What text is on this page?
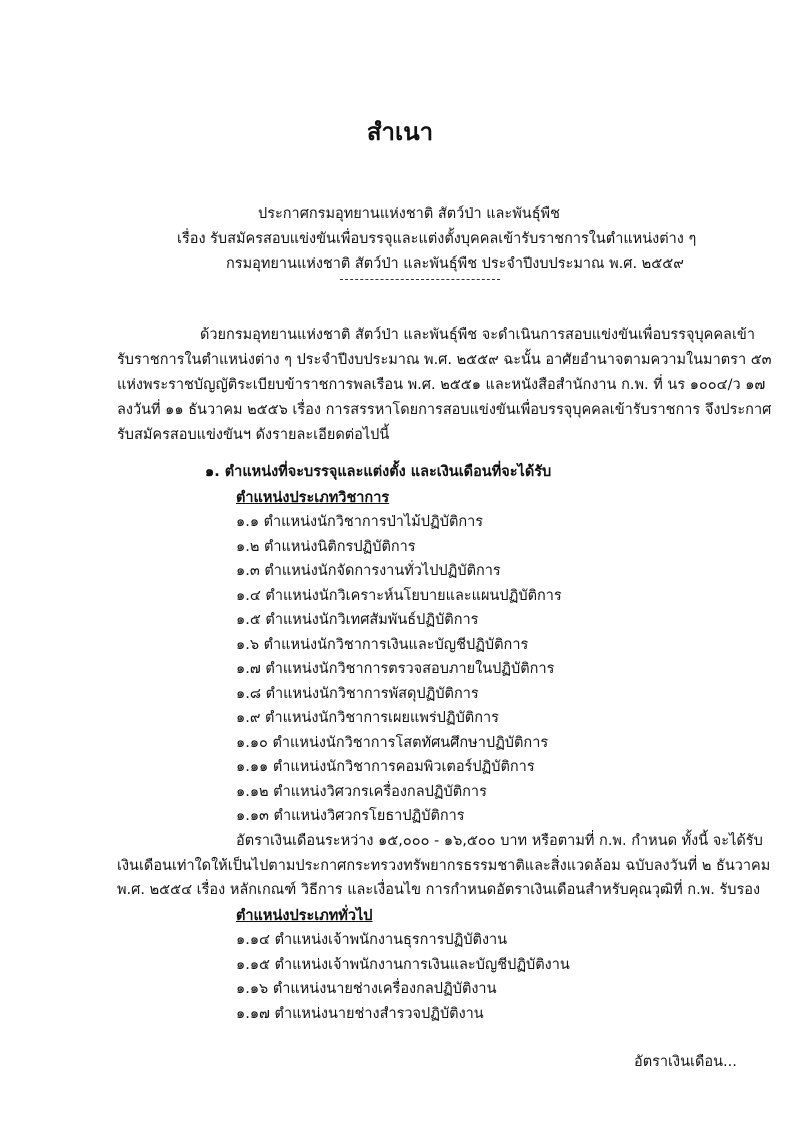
สำเนา
ประกาศกรมอุทยานแห่งชาติ สัตว์ป่า และพันธุ์พืช
เรื่อง รับสมัครสอบแข่งขันเพื่อบรรจุและแต่งตั้งบุคคลเข้ารับราชการในตำแหน่งต่าง ๆ
กรมอุทยานแห่งชาติ สัตว์ป่า และพันธุ์พืช ประจำปีงบประมาณ พ.ศ. ๒๕๕๙
ด้วยกรมอุทยานแห่งชาติ สัตว์ป่า และพันธุ์พืช จะดำเนินการสอบแข่งขันเพื่อบรรจุบุคคลเข้า
รับราชการในตำแหน่งต่าง ๆ ประจำปีงบประมาณ พ.ศ. ๒๕๕๙ ฉะนั้น อาศัยอำนาจตามความในมาตรา ๕๓
แห่งพระราชบัญญัติระเบียบข้าราชการพลเรือน พ.ศ. ๒๕๕๑ และหนังสือสำนักงาน ก.พ. ที่ นร ๑๐๐๔/ว ๑๗
ลงวันที่ ๑๑ ธันวาคม ๒๕๕๖ เรื่อง การสรรหาโดยการสอบแข่งขันเพื่อบรรจุบุคคลเข้ารับราชการ จึงประกาศ
รับสมัครสอบแข่งขันฯ ดังรายละเอียดต่อไปนี้
๑. ตำแหน่งที่จะบรรจุและแต่งตั้ง และเงินเดือนที่จะได้รับ
ตำแหน่งประเภทวิชาการ
๑.๑ ตำแหน่งนักวิชาการป่าไม้ปฏิบัติการ
๑.๒ ตำแหน่งนิติกรปฏิบัติการ
๑.๓ ตำแหน่งนักจัดการงานทั่วไปปฏิบัติการ
๑.๔ ตำแหน่งนักวิเคราะห์นโยบายและแผนปฏิบัติการ
๑.๕ ตำแหน่งนักวิเทศสัมพันธ์ปฏิบัติการ
๑.๖ ตำแหน่งนักวิชาการเงินและบัญชีปฏิบัติการ
๑.๗ ตำแหน่งนักวิชาการตรวจสอบภายในปฏิบัติการ
๑.๘ ตำแหน่งนักวิชาการพัสดุปฏิบัติการ
๑.๙ ตำแหน่งนักวิชาการเผยแพร่ปฏิบัติการ
๑.๑๐ ตำแหน่งนักวิชาการโสตทัศนศึกษาปฏิบัติการ
๑.๑๑ ตำแหน่งนักวิชาการคอมพิวเตอร์ปฏิบัติการ
๑.๑๒ ตำแหน่งวิศวกรเครื่องกลปฏิบัติการ
๑.๑๓ ตำแหน่งวิศวกรโยธาปฏิบัติการ
อัตราเงินเดือนระหว่าง ๑๕,๐๐๐ - ๑๖,๕๐๐ บาท หรือตามที่ ก.พ. กำหนด ทั้งนี้ จะได้รับ
เงินเดือนเท่าใดให้เป็นไปตามประกาศกระทรวงทรัพยากรธรรมชาติและสิ่งแวดล้อม ฉบับลงวันที่ ๒ ธันวาคม
พ.ศ. ๒๕๕๔ เรื่อง หลักเกณฑ์ วิธีการ และเงื่อนไข การกำหนดอัตราเงินเดือนสำหรับคุณวุฒิที่ ก.พ. รับรอง
ตำแหน่งประเภททั่วไป
๑.๑๔ ตำแหน่งเจ้าพนักงานธุรการปฏิบัติงาน
๑.๑๕ ตำแหน่งเจ้าพนักงานการเงินและบัญชีปฏิบัติงาน
๑.๑๖ ตำแหน่งนายช่างเครื่องกลปฏิบัติงาน
๑.๑๗ ตำแหน่งนายช่างสำรวจปฏิบัติงาน
อัตราเงินเดือน...
